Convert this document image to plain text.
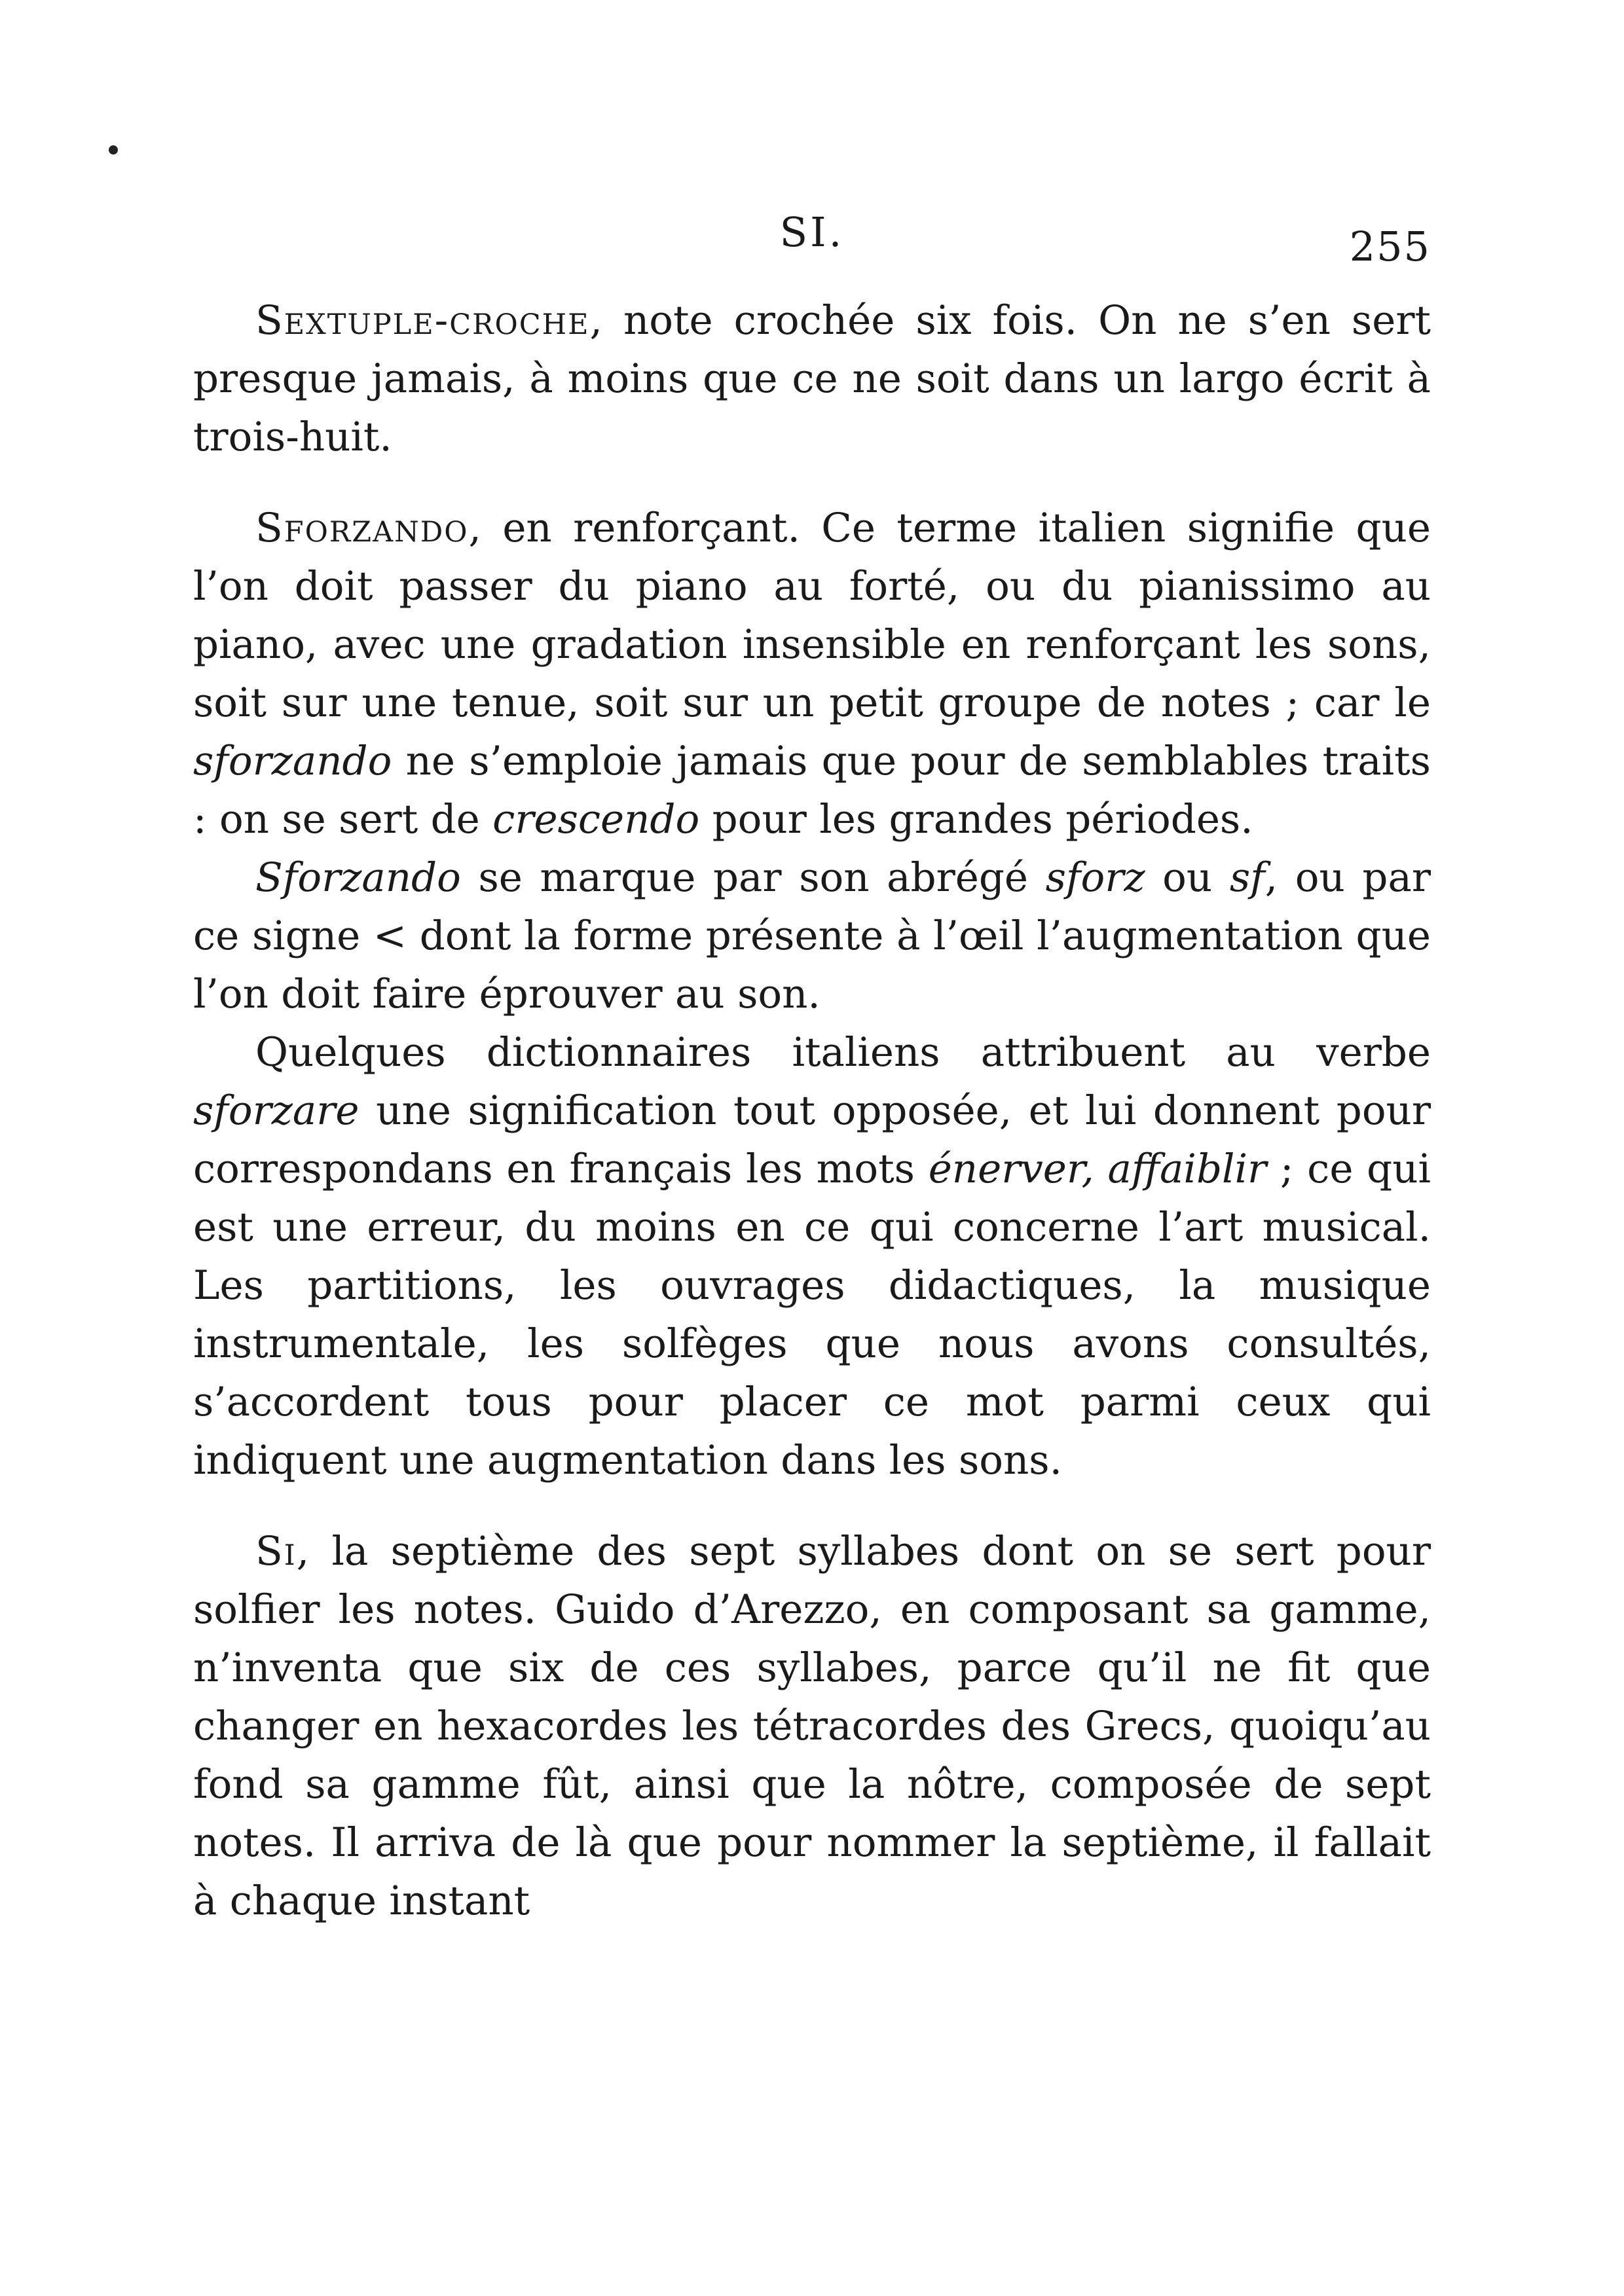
SI.	255

Sextuple-croche, note crochée six fois. On ne s’en sert presque jamais, à moins que ce ne soit dans un largo écrit à trois-huit.

Sforzando, en renforçant. Ce terme italien signifie que l’on doit passer du piano au forté, ou du pianissimo au piano, avec une gradation insensible en renforçant les sons, soit sur une tenue, soit sur un petit groupe de notes ; car le sforzando ne s’emploie jamais que pour de semblables traits : on se sert de crescendo pour les grandes périodes.

Sforzando se marque par son abrégé sforz ou sf, ou par ce signe < dont la forme présente à l’œil l’augmentation que l’on doit faire éprouver au son.

Quelques dictionnaires italiens attribuent au verbe sforzare une signification tout opposée, et lui donnent pour correspondans en français les mots énerver, affaiblir ; ce qui est une erreur, du moins en ce qui concerne l’art musical. Les partitions, les ouvrages didactiques, la musique instrumentale, les solfèges que nous avons consultés, s’accordent tous pour placer ce mot parmi ceux qui indiquent une augmentation dans les sons.

Si, la septième des sept syllabes dont on se sert pour solfier les notes. Guido d’Arezzo, en composant sa gamme, n’inventa que six de ces syllabes, parce qu’il ne fit que changer en hexacordes les tétracordes des Grecs, quoiqu’au fond sa gamme fût, ainsi que la nôtre, composée de sept notes. Il arriva de là que pour nommer la septième, il fallait à chaque instant
